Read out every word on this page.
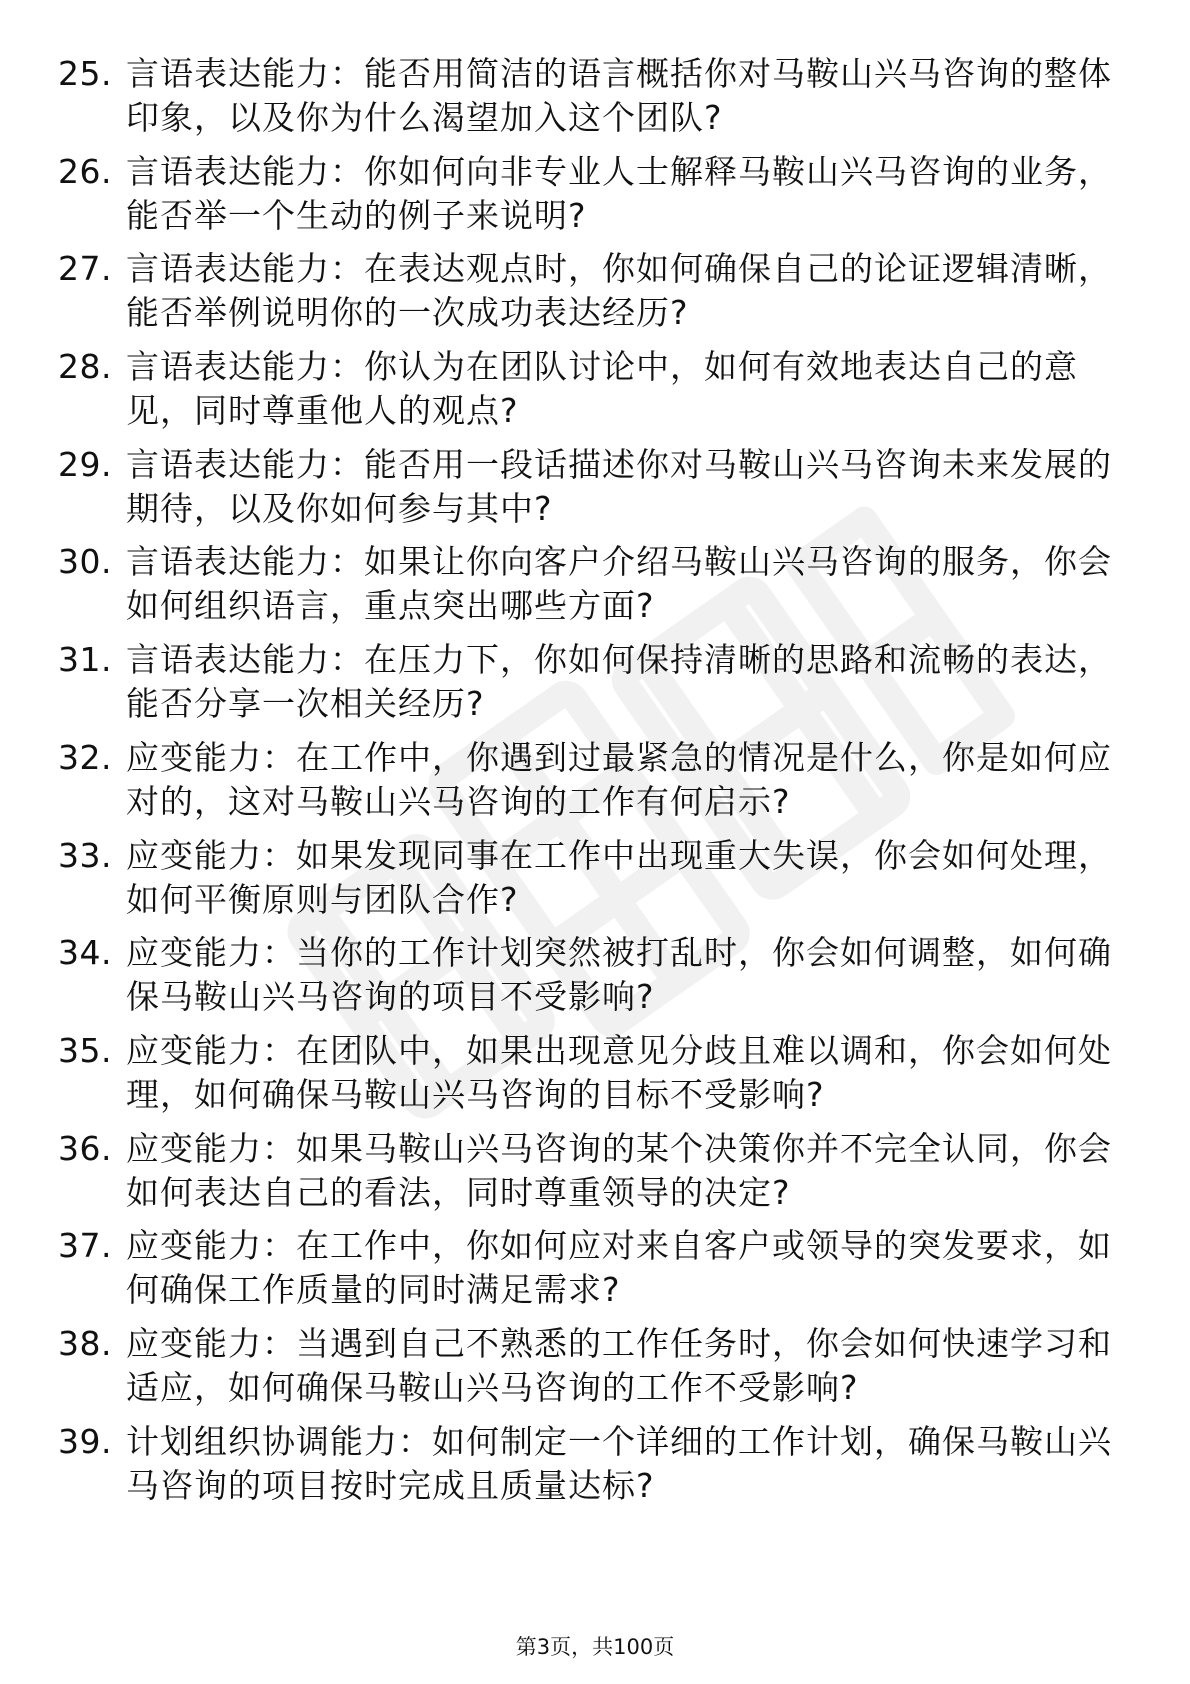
25. 言语表达能力：能否用简洁的语言概括你对马鞍山兴马咨询的整体印象，以及你为什么渴望加入这个团队?
26. 言语表达能力：你如何向非专业人士解释马鞍山兴马咨询的业务，能否举一个生动的例子来说明?
27. 言语表达能力：在表达观点时，你如何确保自己的论证逻辑清晰，能否举例说明你的一次成功表达经历?
28. 言语表达能力：你认为在团队讨论中，如何有效地表达自己的意见，同时尊重他人的观点?
29. 言语表达能力：能否用一段话描述你对马鞍山兴马咨询未来发展的期待，以及你如何参与其中?
30. 言语表达能力：如果让你向客户介绍马鞍山兴马咨询的服务，你会如何组织语言，重点突出哪些方面?
31. 言语表达能力：在压力下，你如何保持清晰的思路和流畅的表达，能否分享一次相关经历?
32. 应变能力：在工作中，你遇到过最紧急的情况是什么，你是如何应对的，这对马鞍山兴马咨询的工作有何启示?
33. 应变能力：如果发现同事在工作中出现重大失误，你会如何处理，如何平衡原则与团队合作?
34. 应变能力：当你的工作计划突然被打乱时，你会如何调整，如何确保马鞍山兴马咨询的项目不受影响?
35. 应变能力：在团队中，如果出现意见分歧且难以调和，你会如何处理，如何确保马鞍山兴马咨询的目标不受影响?
36. 应变能力：如果马鞍山兴马咨询的某个决策你并不完全认同，你会如何表达自己的看法，同时尊重领导的决定?
37. 应变能力：在工作中，你如何应对来自客户或领导的突发要求，如何确保工作质量的同时满足需求?
38. 应变能力：当遇到自己不熟悉的工作任务时，你会如何快速学习和适应，如何确保马鞍山兴马咨询的工作不受影响?
39. 计划组织协调能力：如何制定一个详细的工作计划，确保马鞍山兴马咨询的项目按时完成且质量达标?
第3页，共100页
